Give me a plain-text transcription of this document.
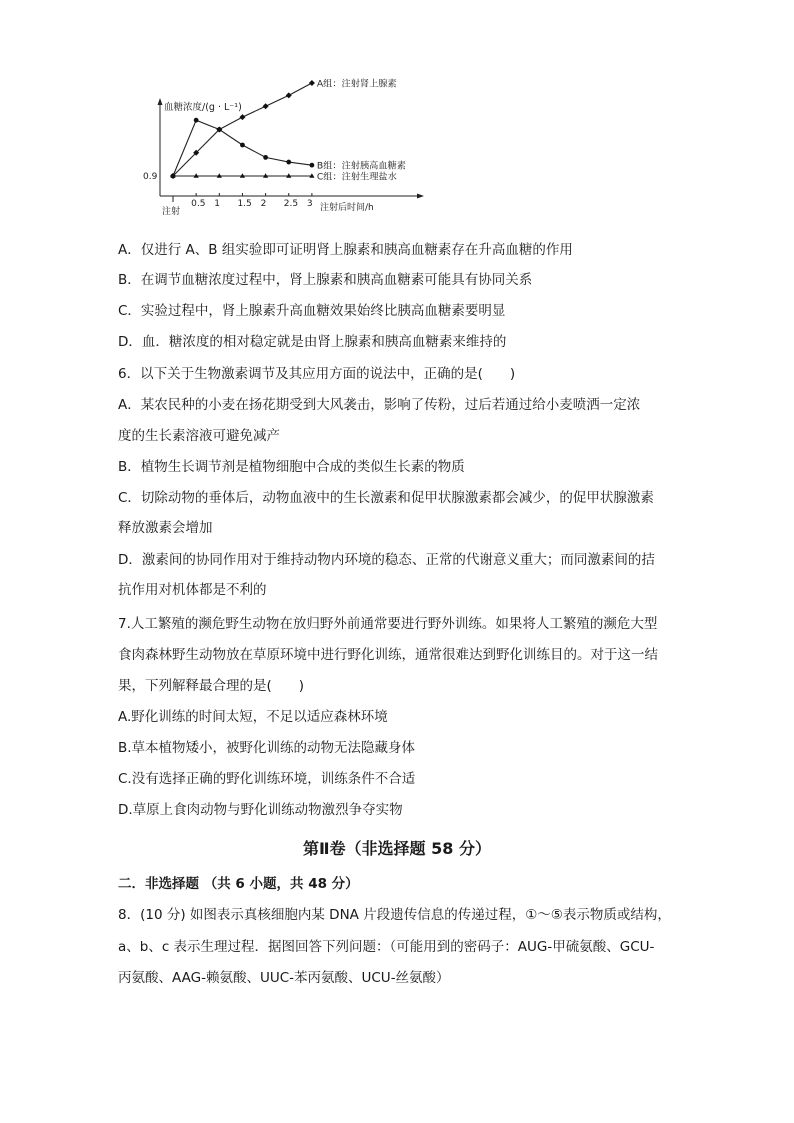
血糖浓度/(g · L⁻¹)
0.9
注射	注射后时间/h
0.5 1 1.5 2 2.5 3
A组：注射肾上腺素
B组：注射胰高血糖素
C组：注射生理盐水
A．仅进行 A、B 组实验即可证明肾上腺素和胰高血糖素存在升高血糖的作用
B．在调节血糖浓度过程中，肾上腺素和胰高血糖素可能具有协同关系
C．实验过程中，肾上腺素升高血糖效果始终比胰高血糖素要明显
D．血．糖浓度的相对稳定就是由肾上腺素和胰高血糖素来维持的
6．以下关于生物激素调节及其应用方面的说法中，正确的是(　　)
A．某农民种的小麦在扬花期受到大风袭击，影响了传粉，过后若通过给小麦喷洒一定浓
度的生长素溶液可避免减产
B．植物生长调节剂是植物细胞中合成的类似生长素的物质
C．切除动物的垂体后，动物血液中的生长激素和促甲状腺激素都会减少，的促甲状腺激素
释放激素会增加
D．激素间的协同作用对于维持动物内环境的稳态、正常的代谢意义重大；而同激素间的拮
抗作用对机体都是不利的
7.人工繁殖的濒危野生动物在放归野外前通常要进行野外训练。如果将人工繁殖的濒危大型
食肉森林野生动物放在草原环境中进行野化训练，通常很难达到野化训练目的。对于这一结
果，下列解释最合理的是(　　)
A.野化训练的时间太短，不足以适应森林环境
B.草本植物矮小，被野化训练的动物无法隐藏身体
C.没有选择正确的野化训练环境，训练条件不合适
D.草原上食肉动物与野化训练动物激烈争夺实物
第Ⅱ卷（非选择题 58 分）
二．非选择题 （共 6 小题，共 48 分）
8．(10 分) 如图表示真核细胞内某 DNA 片段遗传信息的传递过程，①～⑤表示物质或结构，
a、b、c 表示生理过程．据图回答下列问题：（可能用到的密码子：AUG-甲硫氨酸、GCU-
丙氨酸、AAG-赖氨酸、UUC-苯丙氨酸、UCU-丝氨酸）
